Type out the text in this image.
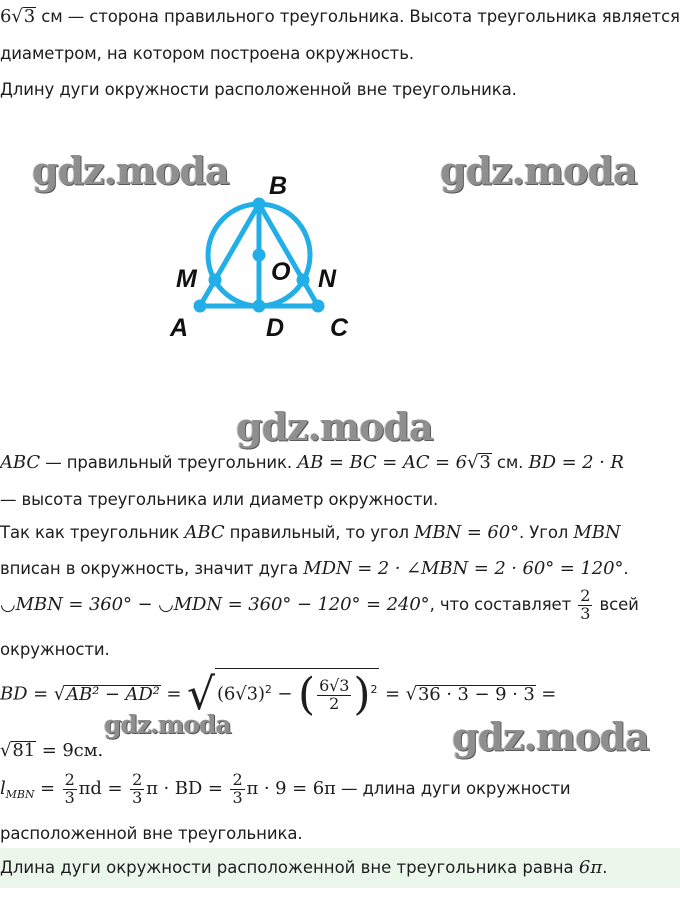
6√3 см — сторона правильного треугольника. Высота треугольника является
диаметром, на котором построена окружность.
Длину дуги окружности расположенной вне треугольника.
gdz.moda	gdz.moda
gdz.moda
gdz.moda	gdz.moda
B
O
M	N
A	D C
ABC — правильный треугольник. AB = BC = AC = 6√3 см. BD = 2 · R
— высота треугольника или диаметр окружности.
Так как треугольник ABC правильный, то угол MBN = 60°. Угол MBN
вписан в окружность, значит дуга MDN = 2 · ∠MBN = 2 · 60° = 120°.
◡MBN = 360° − ◡MDN = 360° − 120° = 240°, что составляет $\frac{2}{3}$ всей
окружности.
BD = √AB² − AD² = √ $(6√3)^2$ − ( $\frac{6√3}{2} )^2 = √36 \cdot 3 - 9 \cdot 3$ =
√81 = 9см.
$l_{MBN} = \frac{2}{3}$ $\pi d = \frac{2}{3}$ π · BD = $\frac{2}{3}$ π · 9 = 6π — длина дуги окружности
расположенной вне треугольника.
Длина дуги окружности расположенной вне треугольника равна 6π.
